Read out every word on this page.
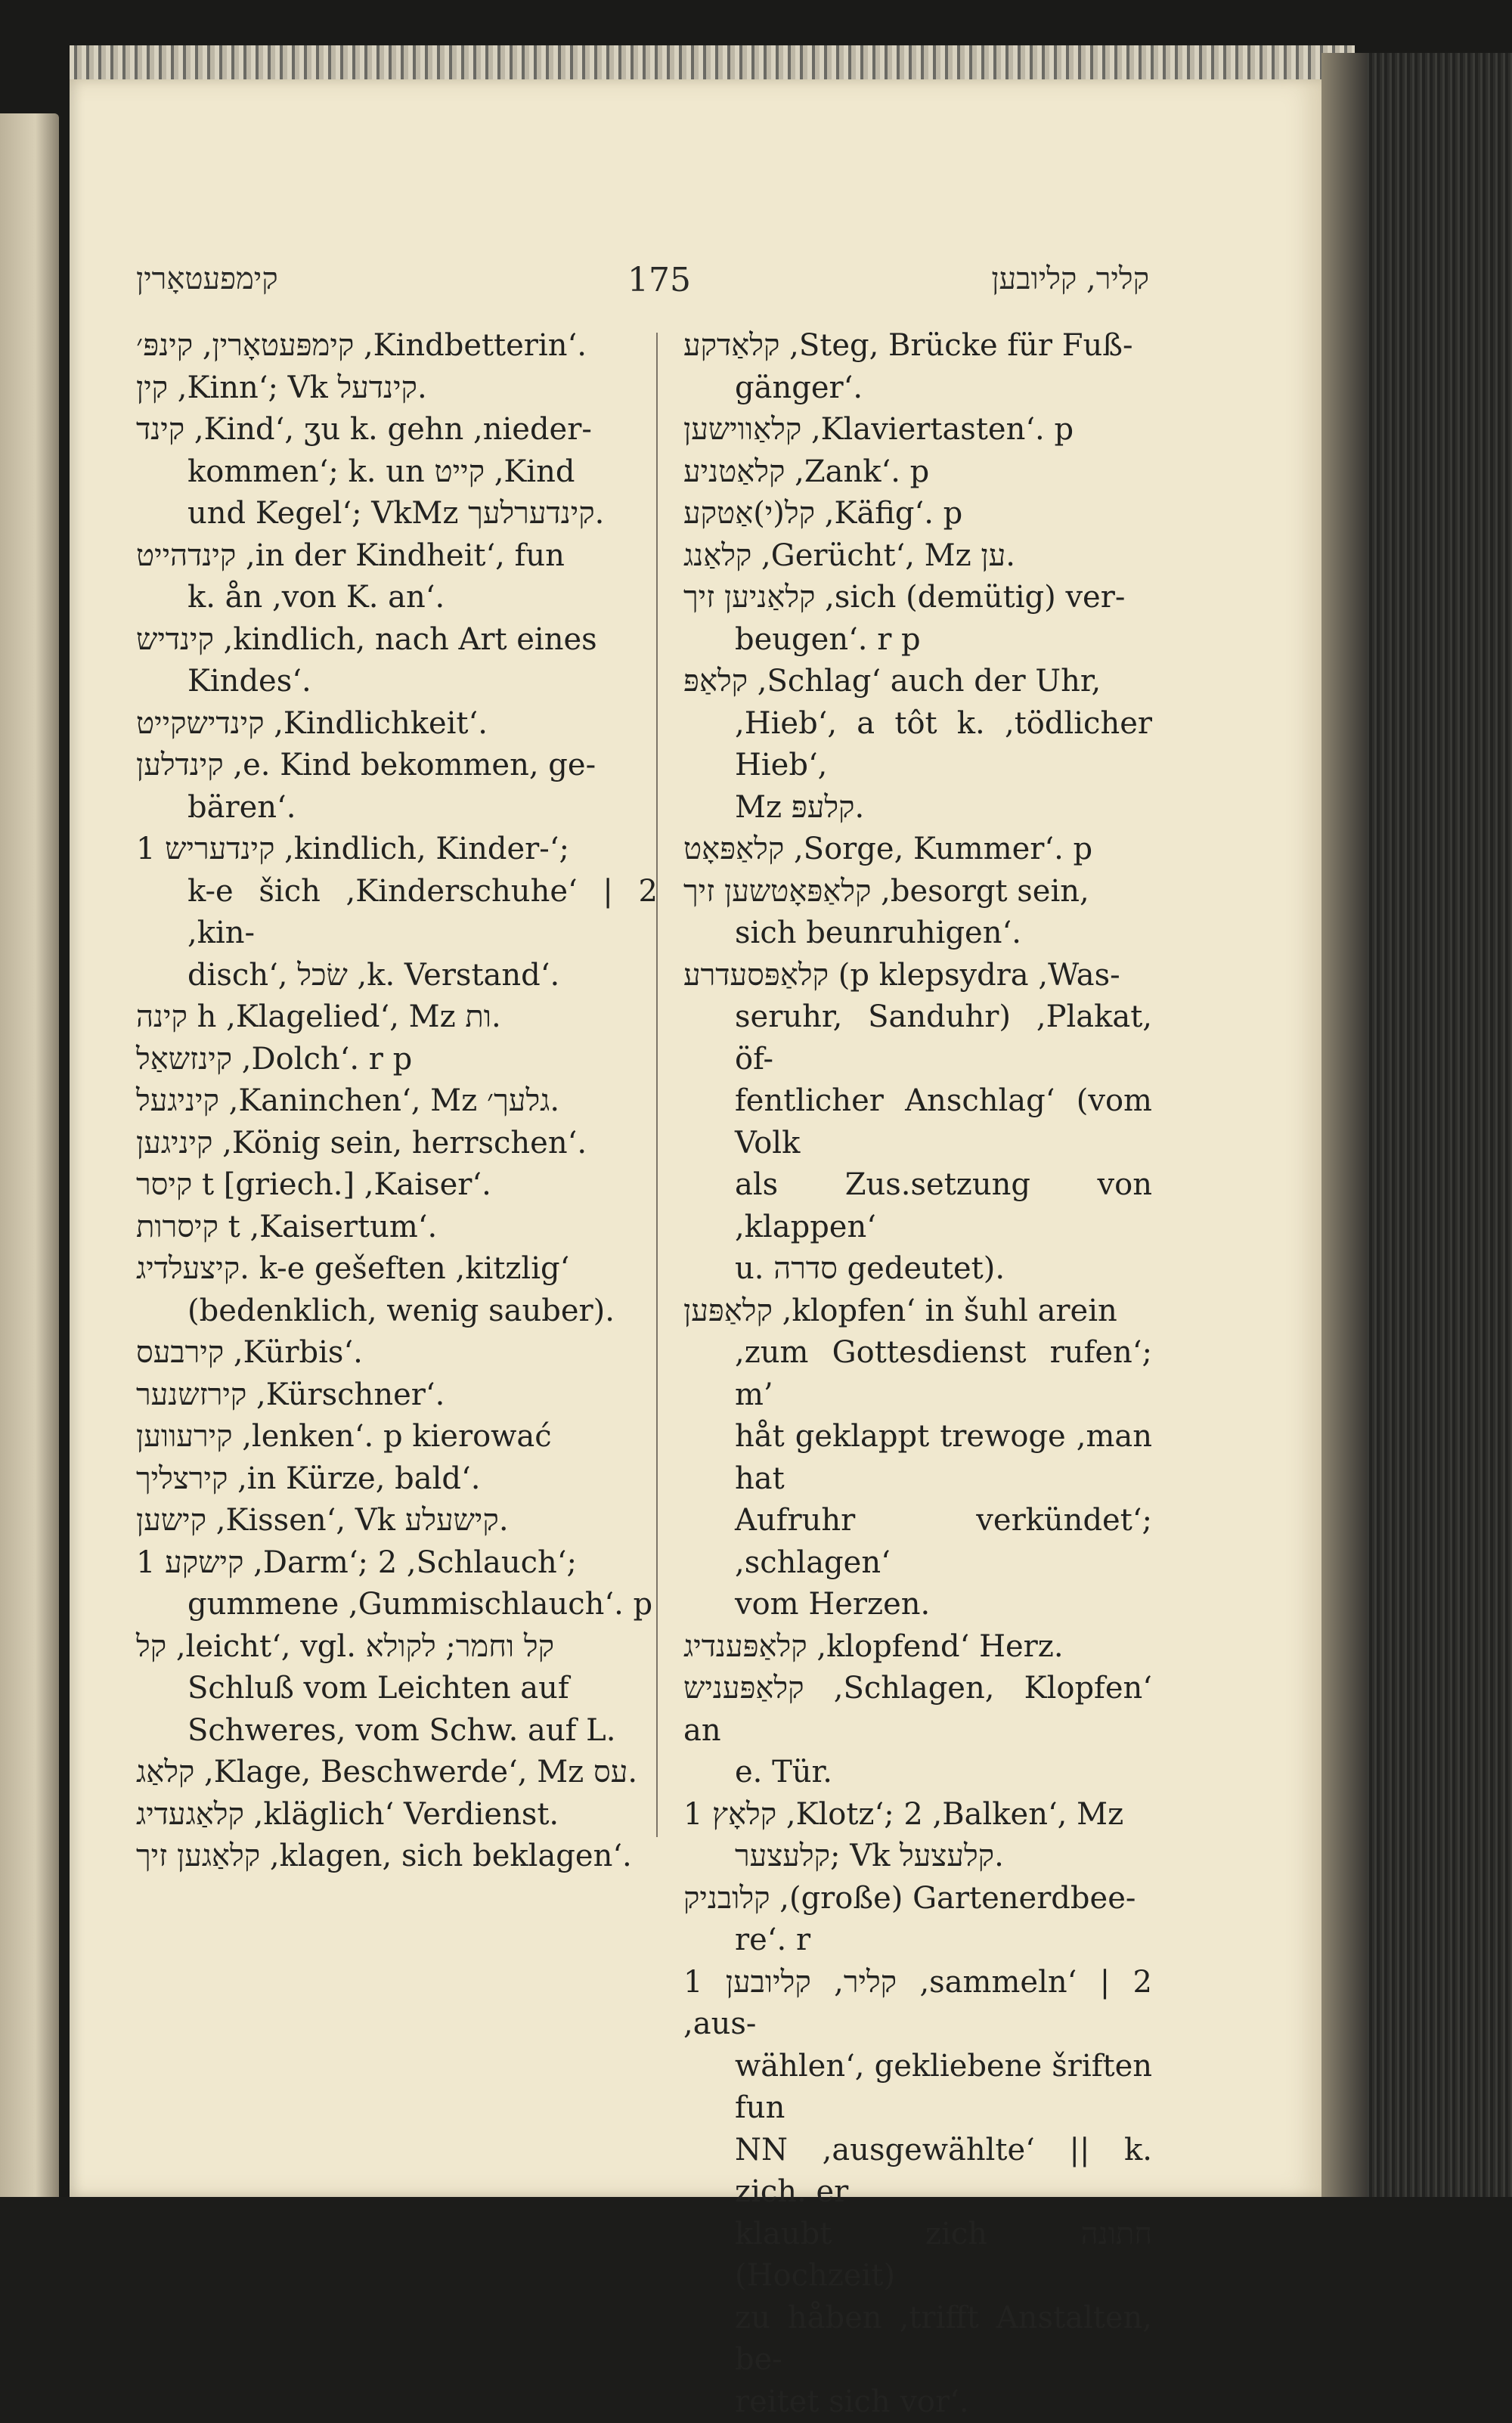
קימפעטאָרין	175	קליר, קליובען
קימפּעטאָרין, קינפּ׳ ,Kindbetterin‘.
קין ,Kinn‘; Vk קינדעל.
קינד ,Kind‘, ʒu k. gehn ,nieder-
kommen‘; k. un קייט ,Kind
und Kegel‘; VkMz קינדערלעך.
קינדהייט ,in der Kindheit‘, fun
k. ån ,von K. an‘.
קינדיש ,kindlich, nach Art eines
Kindes‘.
קינדישקייט ,Kindlichkeit‘.
קינדלען ,e. Kind bekommen, ge-
bären‘.
קינדעריש 1 ,kindlich, Kinder-‘;
k-e šich ,Kinderschuhe‘ | 2 ,kin-
disch‘, שׂכל ,k. Verstand‘.
קינה h ,Klagelied‘, Mz ות.
קינזשאַל ,Dolch‘. r p
קיניגעל ,Kaninchen‘, Mz גלעך׳.
קיניגען ,König sein, herrschen‘.
קיסר t [griech.] ,Kaiser‘.
קיסרות t ,Kaisertum‘.
קיצעלדיג. k-e gešeften ,kitzlig‘
(bedenklich, wenig sauber).
קירבעס ,Kürbis‘.
קירזשנער ,Kürschner‘.
קירעווען ,lenken‘. p kierować
קירצליך ,in Kürze, bald‘.
קישען ,Kissen‘, Vk קישעלע.
קישקע 1 ,Darm‘; 2 ,Schlauch‘;
gummene ,Gummischlauch‘. p
קל ,leicht‘, vgl. קל וחמר; לקולא
Schluß vom Leichten auf
Schweres, vom Schw. auf L.
קלאַג ,Klage, Beschwerde‘, Mz עס.
קלאַגעדיג ,kläglich‘ Verdienst.
קלאַגען זיך ,klagen, sich beklagen‘.
קלאַדקע ,Steg, Brücke für Fuß-
gänger‘.
קלאַווישען ,Klaviertasten‘. p
קלאַטניע ,Zank‘. p
קל(י)אַטקע ,Käfig‘. p
קלאַנג ,Gerücht‘, Mz ען.
קלאַניען זיך ,sich (demütig) ver-
beugen‘. r p
קלאַפּ ,Schlag‘ auch der Uhr,
,Hieb‘, a tôt k. ,tödlicher Hieb‘,
Mz קלעפּ.
קלאַפּאָט ,Sorge, Kummer‘. p
קלאַפּאָטשען זיך ,besorgt sein,
sich beunruhigen‘.
קלאַפּסעדרע (p klepsydra ,Was-
seruhr, Sanduhr) ,Plakat, öf-
fentlicher Anschlag‘ (vom Volk
als Zus.setzung von ,klappen‘
u. סדרה gedeutet).
קלאַפּען ,klopfen‘ in šuhl arein
,zum Gottesdienst rufen‘; m’
håt geklappt trewoge ,man hat
Aufruhr verkündet‘; ,schlagen‘
vom Herzen.
קלאַפּענדיג ,klopfend‘ Herz.
קלאַפּעניש ,Schlagen, Klopfen‘ an
e. Tür.
קלאָץ 1 ,Klotz‘; 2 ,Balken‘, Mz
קלעצער; Vk קלעצעל.
קלובניק ,(große) Gartenerdbee-
re‘. r
קליר, קליובען 1 ,sammeln‘ | 2 ,aus-
wählen‘, gekliebene šriften fun
NN ,ausgewählte‘ || k. zich. er
klaubt zich חתונה (Hochzeit)
zu håben ,trifft Anstalten, be-
reitet sich vor‘.
